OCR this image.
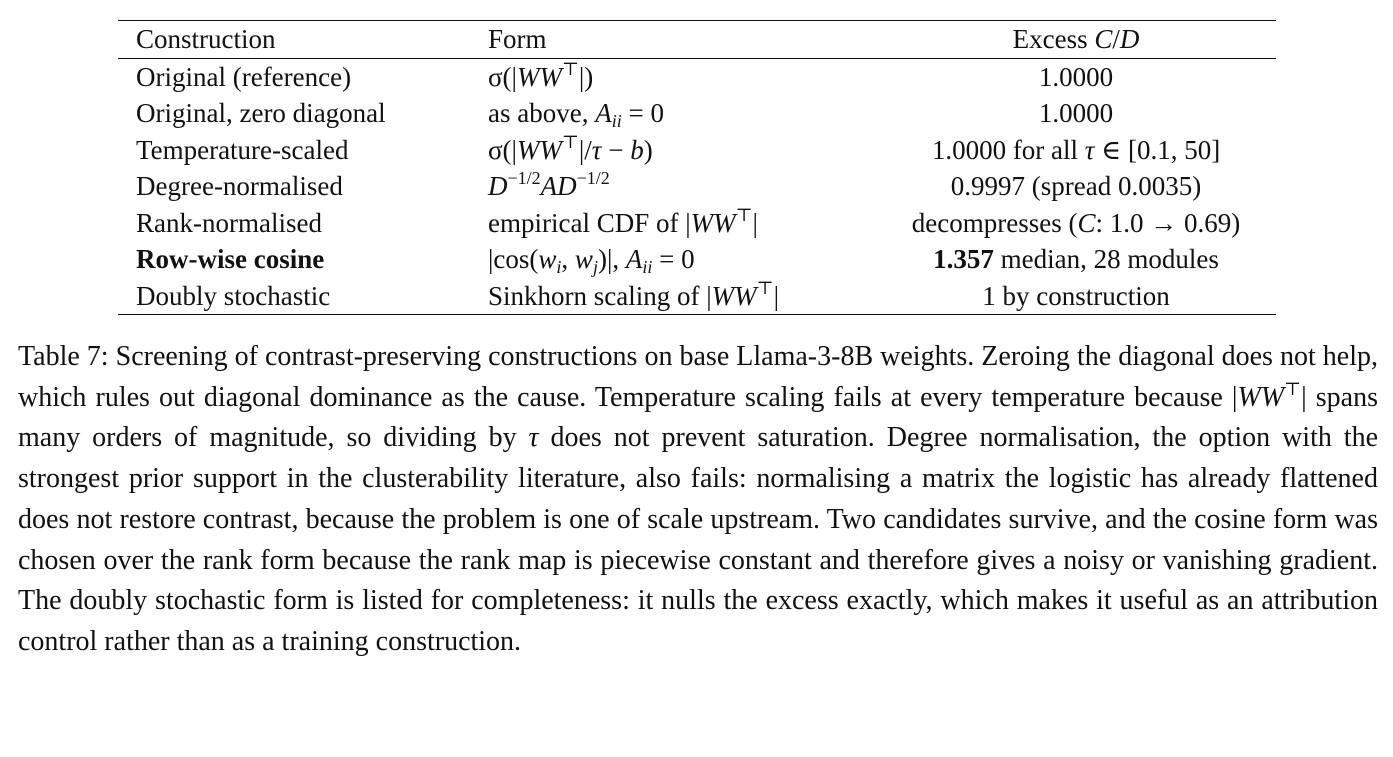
Construction	Form	Excess C/D
Original (reference)	σ(|WW⊤|)	1.0000
Original, zero diagonal	as above, $A_{ii} = 0$	1.0000
Temperature-scaled	σ(|WW⊤|/τ − b)	1.0000 for all τ ∈ [0.1, 50]
Degree-normalised	$D^{-1/2}AD^{-1/2}$	0.9997 (spread 0.0035)
Rank-normalised	empirical CDF of |WW⊤|	decompresses (C: 1.0 → 0.69)
Row-wise cosine	$|\cos(w_i$, $w_j)|$, $A_{ii} = 0$	1.357 median, 28 modules
Doubly stochastic	Sinkhorn scaling of |WW⊤|	1 by construction
Table 7: Screening of contrast-preserving constructions on base Llama-3-8B weights. Zeroing the diagonal does not help, which rules out diagonal dominance as the cause. Temperature scaling fails at every temperature because |WW⊤| spans many orders of magnitude, so dividing by τ does not prevent saturation. Degree normalisation, the option with the strongest prior support in the clusterability literature, also fails: normalising a matrix the logistic has already flattened does not restore contrast, because the problem is one of scale upstream. Two candidates survive, and the cosine form was chosen over the rank form because the rank map is piecewise constant and therefore gives a noisy or vanishing gradient. The doubly stochastic form is listed for completeness: it nulls the excess exactly, which makes it useful as an attribution control rather than as a training construction.
